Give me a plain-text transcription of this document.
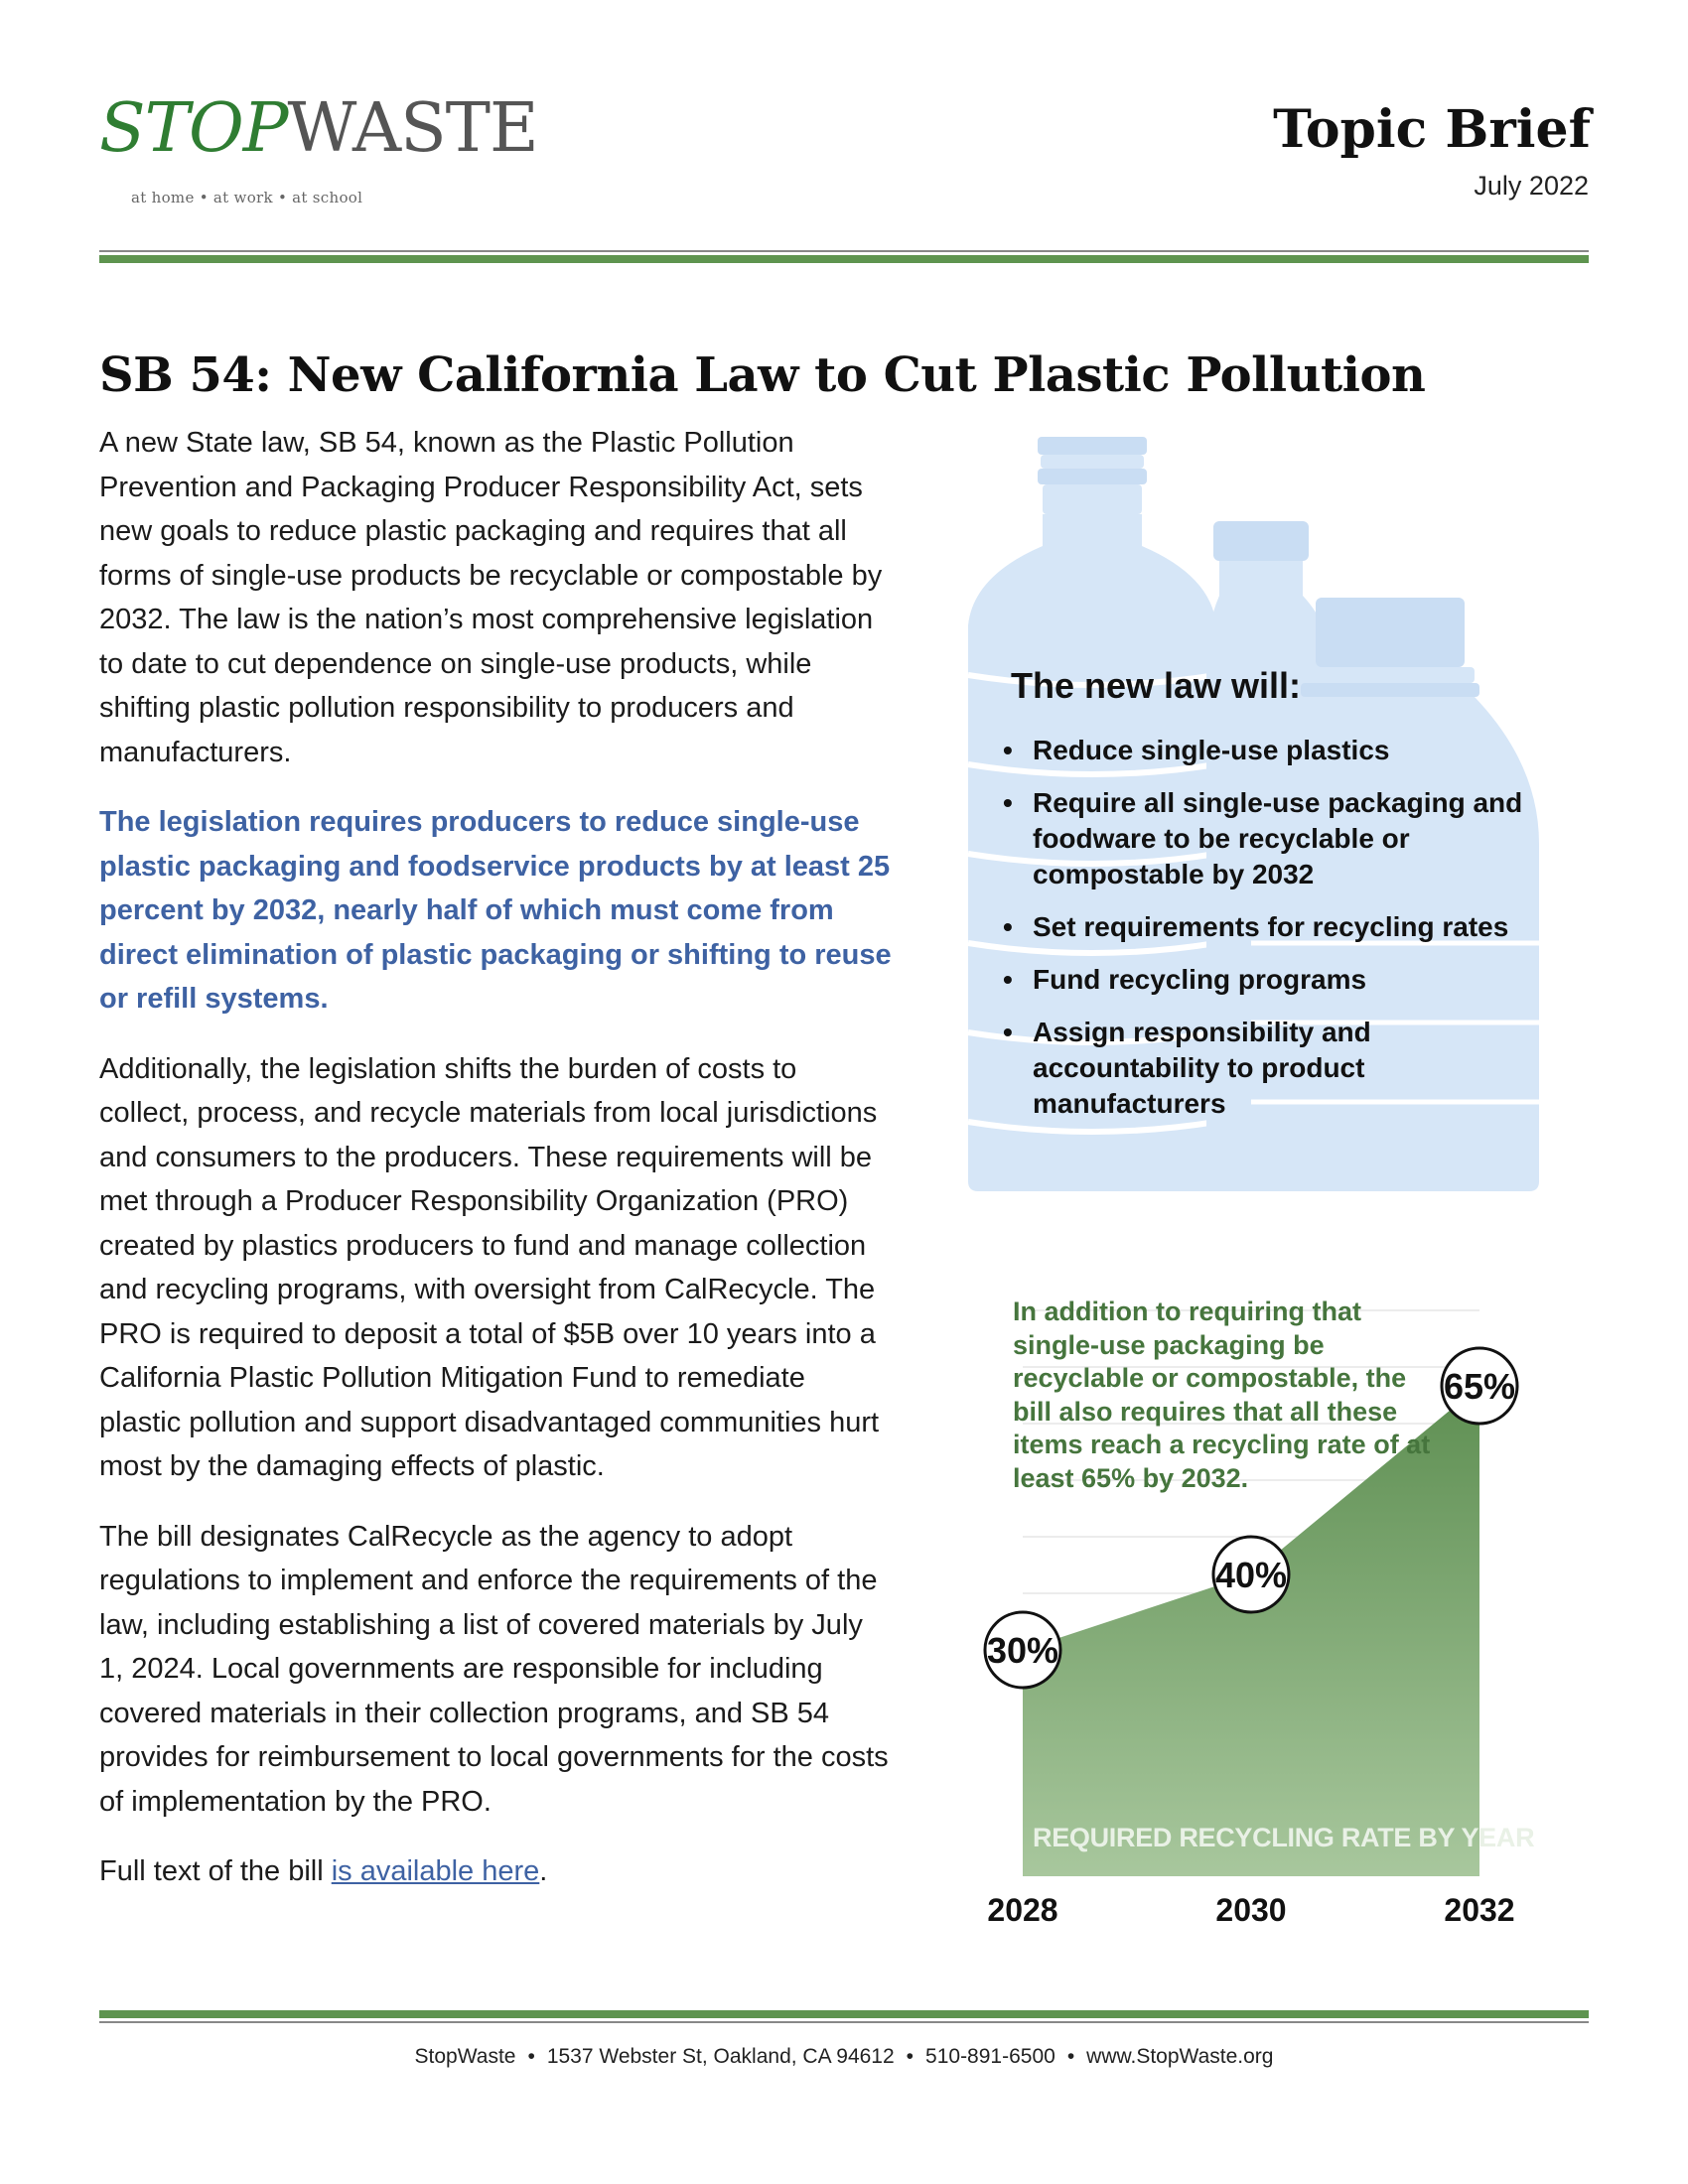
STOPWASTE
at home • at work • at school
Topic Brief
July 2022
SB 54: New California Law to Cut Plastic Pollution

A new State law, SB 54, known as the Plastic Pollution Prevention and Packaging Producer Responsibility Act, sets new goals to reduce plastic packaging and requires that all forms of single-use products be recyclable or compostable by 2032. The law is the nation’s most comprehensive legislation to date to cut dependence on single-use products, while shifting plastic pollution responsibility to producers and manufacturers.

The legislation requires producers to reduce single-use plastic packaging and foodservice products by at least 25 percent by 2032, nearly half of which must come from direct elimination of plastic packaging or shifting to reuse or refill systems.

Additionally, the legislation shifts the burden of costs to collect, process, and recycle materials from local jurisdictions and consumers to the producers. These requirements will be met through a Producer Responsibility Organization (PRO) created by plastics producers to fund and manage collection and recycling programs, with oversight from CalRecycle. The PRO is required to deposit a total of $5B over 10 years into a California Plastic Pollution Mitigation Fund to remediate plastic pollution and support disadvantaged communities hurt most by the damaging effects of plastic.

The bill designates CalRecycle as the agency to adopt regulations to implement and enforce the requirements of the law, including establishing a list of covered materials by July 1, 2024. Local governments are responsible for including covered materials in their collection programs, and SB 54 provides for reimbursement to local governments for the costs of implementation by the PRO.

Full text of the bill is available here.

The new law will:
• Reduce single-use plastics
• Require all single-use packaging and foodware to be recyclable or compostable by 2032
• Set requirements for recycling rates
• Fund recycling programs
• Assign responsibility and accountability to product manufacturers
30%
2028
40%
2030
65%
2032
In addition to requiring that single-use packaging be recyclable or compostable, the bill also requires that all these items reach a recycling rate of at least 65% by 2032.
REQUIRED RECYCLING RATE BY YEAR
StopWaste • 1537 Webster St, Oakland, CA 94612 • 510-891-6500 • www.StopWaste.org
